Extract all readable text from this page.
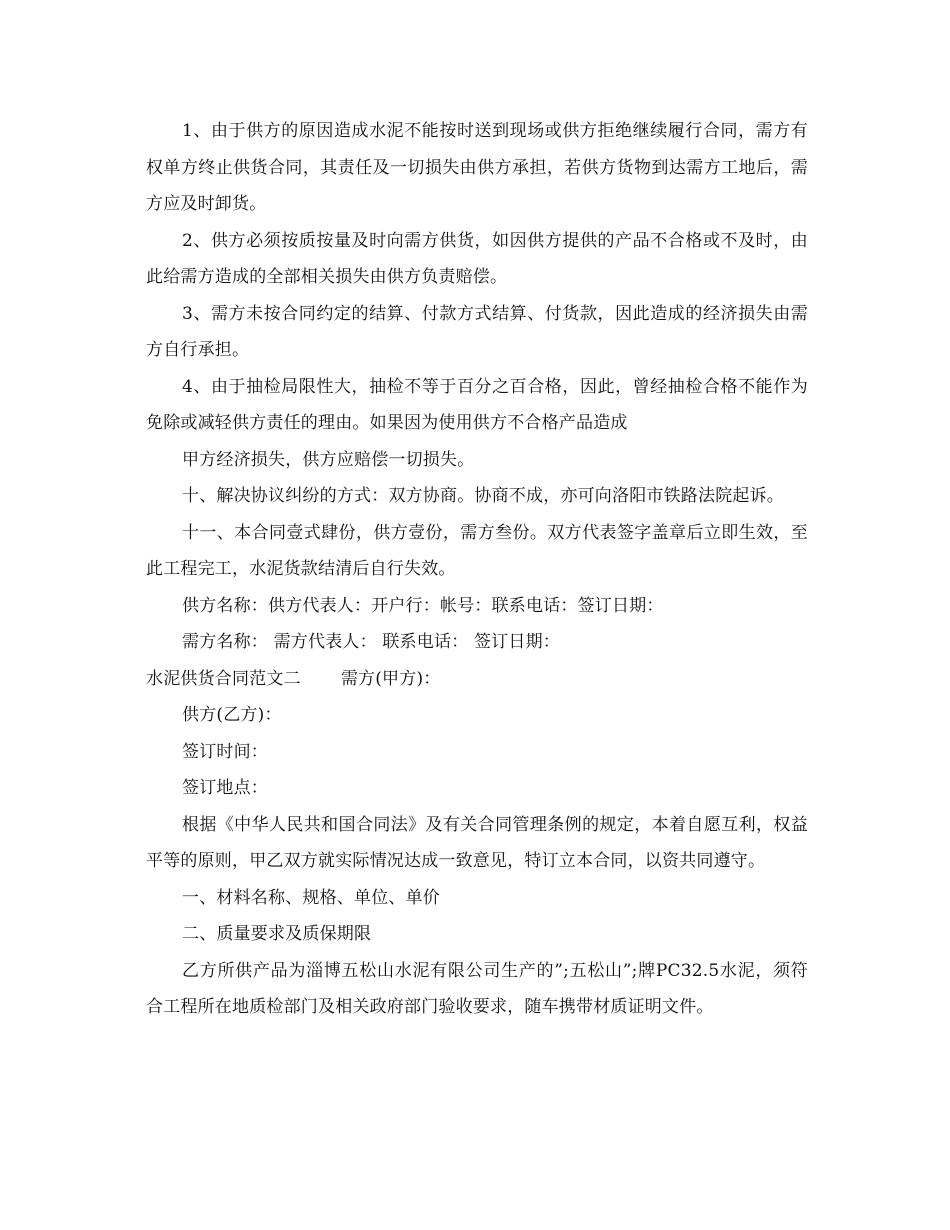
1、由于供方的原因造成水泥不能按时送到现场或供方拒绝继续履行合同，需方有权单方终止供货合同，其责任及一切损失由供方承担，若供方货物到达需方工地后，需方应及时卸货。

2、供方必须按质按量及时向需方供货，如因供方提供的产品不合格或不及时，由此给需方造成的全部相关损失由供方负责赔偿。

3、需方未按合同约定的结算、付款方式结算、付货款，因此造成的经济损失由需方自行承担。

4、由于抽检局限性大，抽检不等于百分之百合格，因此，曾经抽检合格不能作为免除或减轻供方责任的理由。如果因为使用供方不合格产品造成

甲方经济损失，供方应赔偿一切损失。

十、解决协议纠纷的方式：双方协商。协商不成，亦可向洛阳市铁路法院起诉。

十一、本合同壹式肆份，供方壹份，需方叁份。双方代表签字盖章后立即生效，至此工程完工，水泥货款结清后自行失效。

供方名称：供方代表人：开户行：帐号：联系电话：签订日期：

需方名称： 需方代表人： 联系电话： 签订日期：

水泥供货合同范文二 需方(甲方)：

供方(乙方)：

签订时间：

签订地点：

根据《中华人民共和国合同法》及有关合同管理条例的规定，本着自愿互利，权益平等的原则，甲乙双方就实际情况达成一致意见，特订立本合同，以资共同遵守。

一、材料名称、规格、单位、单价

二、质量要求及质保期限

乙方所供产品为淄博五松山水泥有限公司生产的”;五松山”;牌PC32.5水泥，须符合工程所在地质检部门及相关政府部门验收要求，随车携带材质证明文件。
